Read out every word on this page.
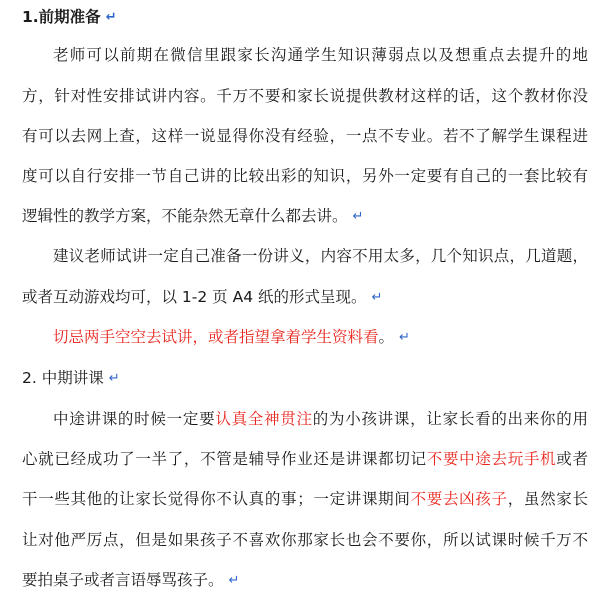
1.前期准备 ↵
老师可以前期在微信里跟家长沟通学生知识薄弱点以及想重点去提升的地
方，针对性安排试讲内容。千万不要和家长说提供教材这样的话，这个教材你没
有可以去网上查，这样一说显得你没有经验，一点不专业。若不了解学生课程进
度可以自行安排一节自己讲的比较出彩的知识，另外一定要有自己的一套比较有
逻辑性的教学方案，不能杂然无章什么都去讲。 ↵
建议老师试讲一定自己准备一份讲义，内容不用太多，几个知识点，几道题，
或者互动游戏均可，以 1-2 页 A4 纸的形式呈现。 ↵
切忌两手空空去试讲，或者指望拿着学生资料看。 ↵
2. 中期讲课 ↵
中途讲课的时候一定要认真全神贯注的为小孩讲课，让家长看的出来你的用
心就已经成功了一半了，不管是辅导作业还是讲课都切记不要中途去玩手机或者
干一些其他的让家长觉得你不认真的事；一定讲课期间不要去凶孩子，虽然家长
让对他严厉点，但是如果孩子不喜欢你那家长也会不要你，所以试课时候千万不
要拍桌子或者言语辱骂孩子。 ↵
